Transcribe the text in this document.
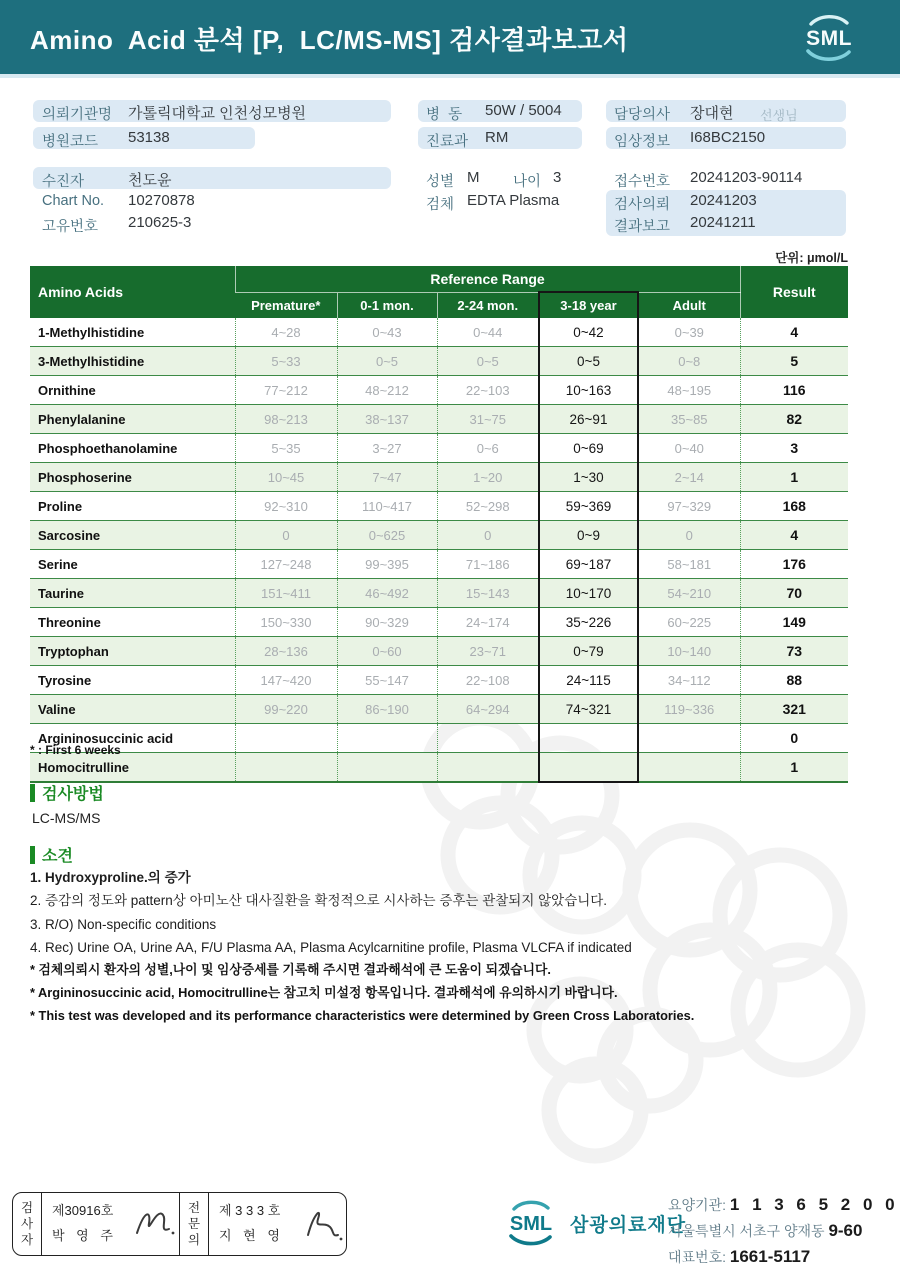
Amino  Acid 분석 [P,  LC/MS-MS] 검사결과보고서	SML
의뢰기관명 가톨릭대학교 인천성모병원
병원코드 53138
수진자	천도윤
Chart No. 10270878
고유번호 210625-3
병  동 50W / 5004
진료과 RM
성별 M 나이 3
검체 EDTA Plasma
담당의사 장대현 선생님
임상정보 I68BC2150
접수번호 20241203-90114
검사의뢰 20241203
결과보고 20241211
단위: μmol/L
Amino Acids	Reference Range					Result
	Premature*	0-1 mon.	2-24 mon.	3-18 year	Adult	
1-Methylhistidine	4~28	0~43	0~44	0~42	0~39	4
3-Methylhistidine	5~33	0~5	0~5	0~5	0~8	5
Ornithine	77~212	48~212	22~103	10~163	48~195	116
Phenylalanine	98~213	38~137	31~75	26~91	35~85	82
Phosphoethanolamine	5~35	3~27	0~6	0~69	0~40	3
Phosphoserine	10~45	7~47	1~20	1~30	2~14	1
Proline	92~310	110~417	52~298	59~369	97~329	168
Sarcosine	0	0~625	0	0~9	0	4
Serine	127~248	99~395	71~186	69~187	58~181	176
Taurine	151~411	46~492	15~143	10~170	54~210	70
Threonine	150~330	90~329	24~174	35~226	60~225	149
Tryptophan	28~136	0~60	23~71	0~79	10~140	73
Tyrosine	147~420	55~147	22~108	24~115	34~112	88
Valine	99~220	86~190	64~294	74~321	119~336	321
Argininosuccinic acid						0
Homocitrulline						1
* : First 6 weeks
검사방법
LC-MS/MS
소견
1. Hydroxyproline.의 증가
2. 증감의 정도와 pattern상 아미노산 대사질환을 확정적으로 시사하는 증후는 관찰되지 않았습니다.
3. R/O) Non-specific conditions
4. Rec) Urine OA, Urine AA, F/U Plasma AA, Plasma Acylcarnitine profile, Plasma VLCFA if indicated
* 검체의뢰시 환자의 성별,나이 및 임상증세를 기록해 주시면 결과해석에 큰 도움이 되겠습니다.
* Argininosuccinic acid, Homocitrulline는 참고치 미설정 항목입니다. 결과해석에 유의하시기 바랍니다.
* This test was developed and its performance characteristics were determined by Green Cross Laboratories.
검사자
제30916호
박 영 주
전문의
제 3 3 3 호
지 현 영
SML 삼광의료재단
요양기관: 1 1 3 6 5 2 0 0
서울특별시 서초구 양재동 9-60
대표번호: 1661-5117
